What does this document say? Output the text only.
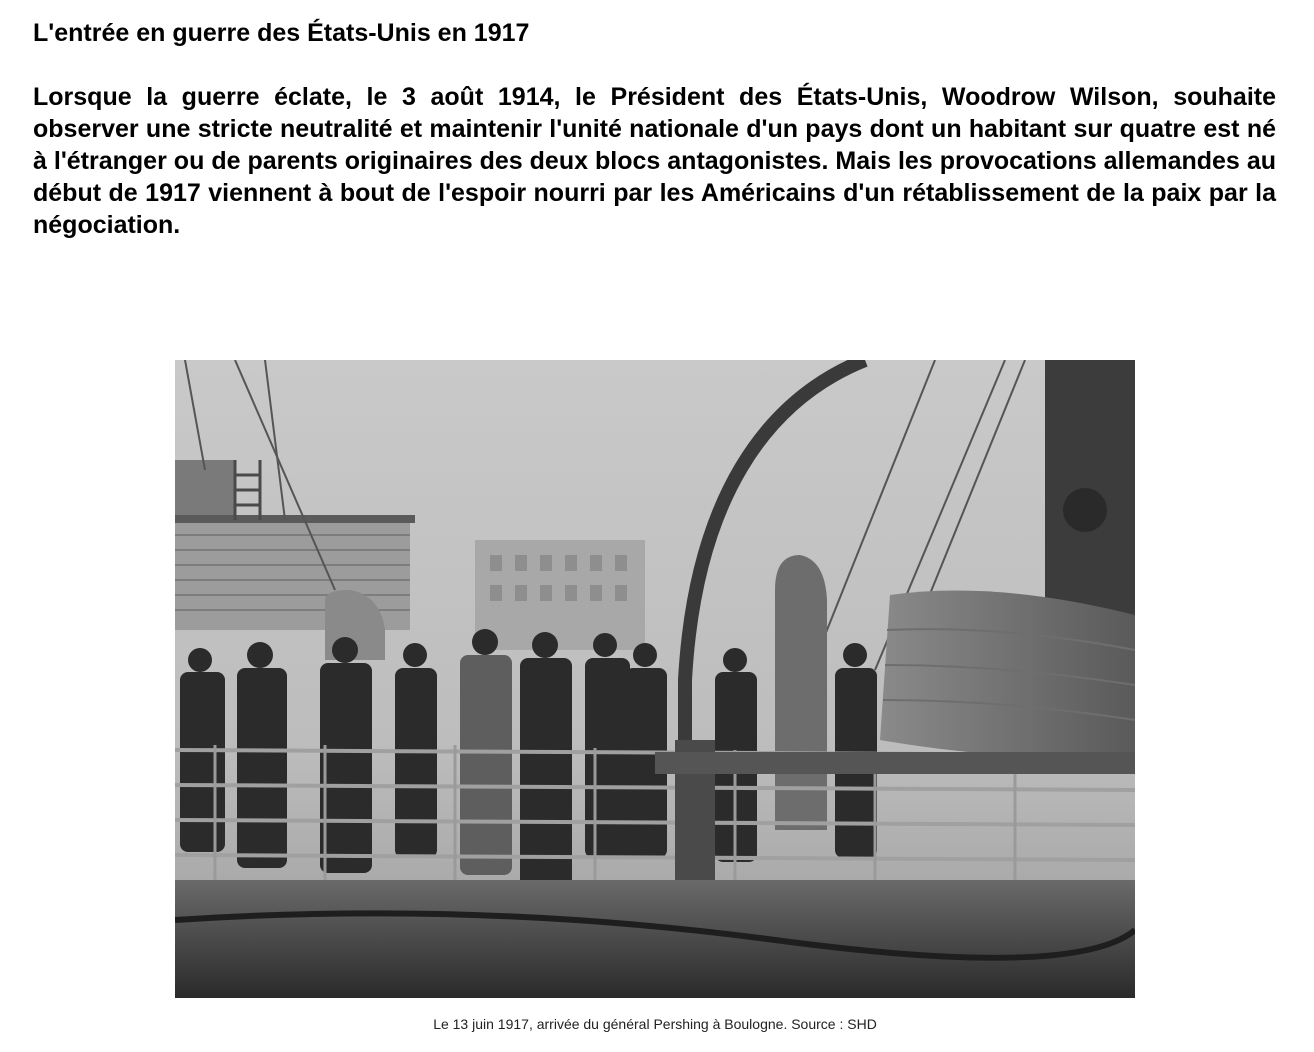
L'entrée en guerre des États-Unis en 1917

Lorsque la guerre éclate, le 3 août 1914, le Président des États-Unis, Woodrow Wilson, souhaite observer une stricte neutralité et maintenir l'unité nationale d'un pays dont un habitant sur quatre est né à l'étranger ou de parents originaires des deux blocs antagonistes. Mais les provocations allemandes au début de 1917 viennent à bout de l'espoir nourri par les Américains d'un rétablissement de la paix par la négociation.

Le 13 juin 1917, arrivée du général Pershing à Boulogne. Source : SHD
